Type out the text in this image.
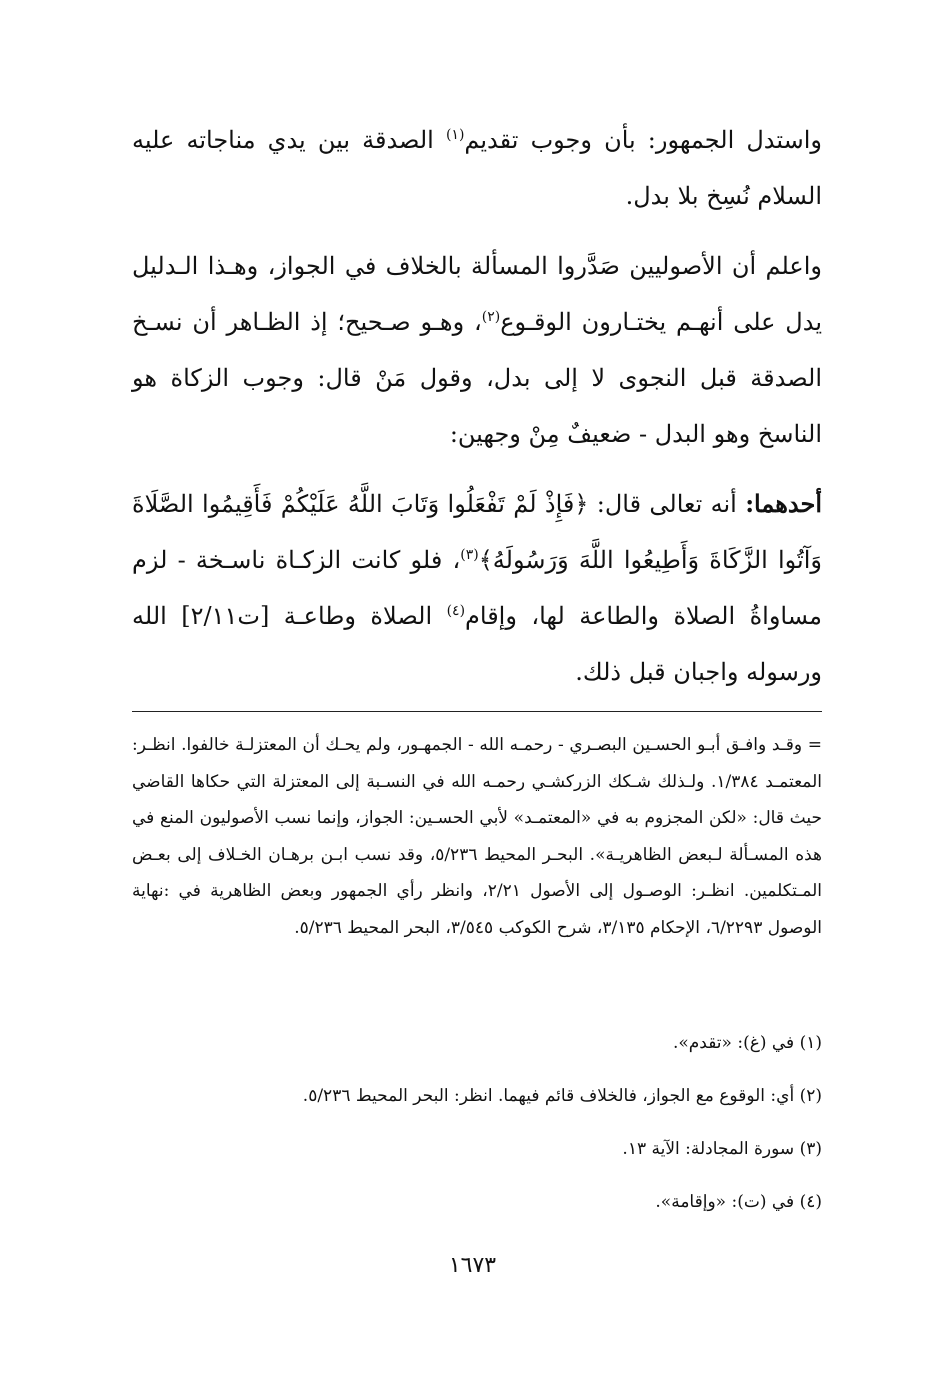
واستدل الجمهور: بأن وجوب تقديم$^{(١)}$ الصدقة بين يدي مناجاته عليه السلام نُسِخ بلا بدل.

واعلم أن الأصوليين صَدَّروا المسألة بالخلاف في الجواز، وهـذا الـدليل يدل على أنهـم يختـارون الوقـوع$^{(٢)}$، وهـو صـحيح؛ إذ الظـاهر أن نسـخ الصدقة قبل النجوى لا إلى بدل، وقول مَنْ قال: وجوب الزكاة هو الناسخ وهو البدل - ضعيفٌ مِنْ وجهين:

أحدهما: أنه تعالى قال: ﴿فَإِذْ لَمْ تَفْعَلُوا وَتَابَ اللَّهُ عَلَيْكُمْ فَأَقِيمُوا الصَّلَاةَ وَآتُوا الزَّكَاةَ وَأَطِيعُوا اللَّهَ وَرَسُولَهُ﴾$^{(٣)}$، فلو كانت الزكـاة ناسـخة - لزم مساواةُ الصلاة والطاعة لها، وإقام$^{(٤)}$ الصلاة وطاعـة [ت٢/١١] الله ورسوله واجبان قبل ذلك.

= وقـد وافـق أبـو الحسـين البصـري - رحمـه الله - الجمهـور، ولم يحـك أن المعتزلـة خالفوا. انظـر: المعتمـد ١/٣٨٤. ولـذلك شـكك الزركشـي رحمـه الله في النسـبة إلى المعتزلة التي حكاها القاضي حيث قال: «لكن المجزوم به في «المعتمـد» لأبي الحسـين: الجواز، وإنما نسب الأصوليون المنع في هذه المسـألة لـبعض الظاهريـة». البحـر المحيط ٥/٢٣٦، وقد نسب ابـن برهـان الخـلاف إلى بعـض المـتكلمين. انظـر: الوصـول إلى الأصول ٢/٢١، وانظر رأي الجمهور وبعض الظاهرية في :نهاية الوصول ٦/٢٢٩٣، الإحكام ٣/١٣٥، شرح الكوكب ٣/٥٤٥، البحر المحيط ٥/٢٣٦.

(١) في (غ): «تقدم».
(٢) أي: الوقوع مع الجواز، فالخلاف قائم فيهما. انظر: البحر المحيط ٥/٢٣٦.
(٣) سورة المجادلة: الآية ١٣.
(٤) في (ت): «وإقامة».
١٦٧٣
